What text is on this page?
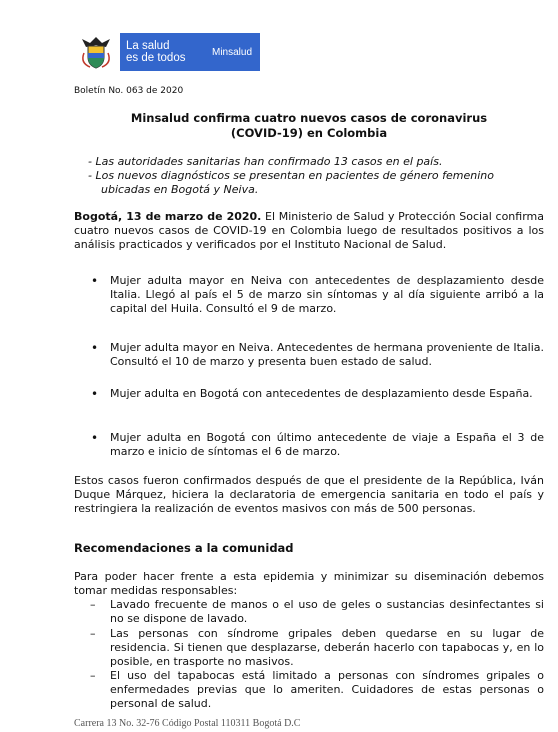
La salud
es de todos	Minsalud
Boletín No. 063 de 2020
Minsalud confirma cuatro nuevos casos de coronavirus
(COVID-19) en Colombia
- Las autoridades sanitarias han confirmado 13 casos en el país.
- Los nuevos diagnósticos se presentan en pacientes de género femenino
ubicadas en Bogotá y Neiva.
Bogotá, 13 de marzo de 2020. El Ministerio de Salud y Protección Social confirma cuatro nuevos casos de COVID-19 en Colombia luego de resultados positivos a los análisis practicados y verificados por el Instituto Nacional de Salud.
• Mujer adulta mayor en Neiva con antecedentes de desplazamiento desde Italia. Llegó al país el 5 de marzo sin síntomas y al día siguiente arribó a la capital del Huila. Consultó el 9 de marzo.
• Mujer adulta mayor en Neiva. Antecedentes de hermana proveniente de Italia. Consultó el 10 de marzo y presenta buen estado de salud.
• Mujer adulta en Bogotá con antecedentes de desplazamiento desde España.
• Mujer adulta en Bogotá con último antecedente de viaje a España el 3 de marzo e inicio de síntomas el 6 de marzo.
Estos casos fueron confirmados después de que el presidente de la República, Iván Duque Márquez, hiciera la declaratoria de emergencia sanitaria en todo el país y restringiera la realización de eventos masivos con más de 500 personas.
Recomendaciones a la comunidad
Para poder hacer frente a esta epidemia y minimizar su diseminación debemos tomar medidas responsables:
– Lavado frecuente de manos o el uso de geles o sustancias desinfectantes si no se dispone de lavado.
– Las personas con síndrome gripales deben quedarse en su lugar de residencia. Si tienen que desplazarse, deberán hacerlo con tapabocas y, en lo posible, en trasporte no masivos.
– El uso del tapabocas está limitado a personas con síndromes gripales o enfermedades previas que lo ameriten. Cuidadores de estas personas o personal de salud.
Carrera 13 No. 32-76 Código Postal 110311 Bogotá D.C
